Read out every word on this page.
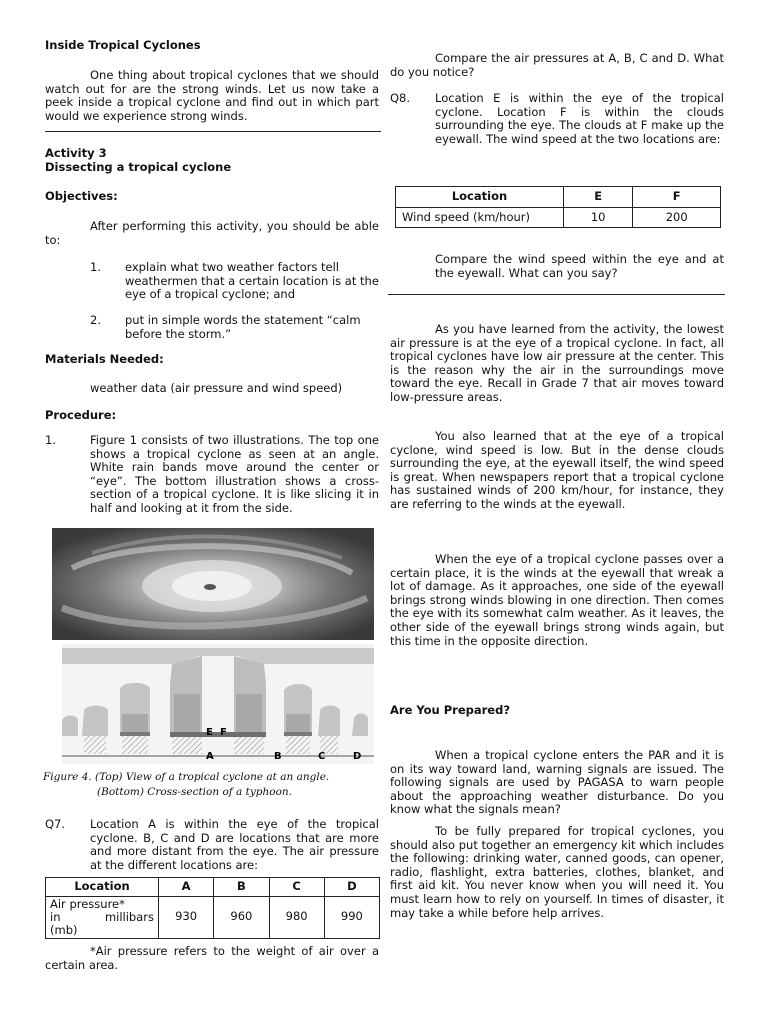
Inside Tropical Cyclones
One thing about tropical cyclones that we should watch out for are the strong winds. Let us now take a peek inside a tropical cyclone and find out in which part would we experience strong winds.
Activity 3
Dissecting a tropical cyclone
Objectives:
After performing this activity, you should be able to:
1. explain what two weather factors tell weathermen that a certain location is at the eye of a tropical cyclone; and
2. put in simple words the statement “calm before the storm.”
Materials Needed:
weather data (air pressure and wind speed)
Procedure:
1.	Figure 1 consists of two illustrations. The top one shows a tropical cyclone as seen at an angle. White rain bands move around the center or “eye”. The bottom illustration shows a cross-section of a tropical cyclone. It is like slicing it in half and looking at it from the side.
E F
A	B	C	D
Figure 4. (Top) View of a tropical cyclone at an angle.
(Bottom) Cross-section of a typhoon.
Q7. Location A is within the eye of the tropical cyclone. B, C and D are locations that are more and more distant from the eye. The air pressure at the different locations are:
Location	A	B	C	D

Air pressure*
in millibars
(mb)	930	960	980	990
*Air pressure refers to the weight of air over a certain area.
Compare the air pressures at A, B, C and D. What do you notice?
Q8. Location E is within the eye of the tropical cyclone. Location F is within the clouds surrounding the eye. The clouds at F make up the eyewall. The wind speed at the two locations are:
Location	E	F
Wind speed (km/hour)	10	200
Compare the wind speed within the eye and at the eyewall. What can you say?
As you have learned from the activity, the lowest air pressure is at the eye of a tropical cyclone. In fact, all tropical cyclones have low air pressure at the center. This is the reason why the air in the surroundings move toward the eye. Recall in Grade 7 that air moves toward low-pressure areas.
You also learned that at the eye of a tropical cyclone, wind speed is low. But in the dense clouds surrounding the eye, at the eyewall itself, the wind speed is great. When newspapers report that a tropical cyclone has sustained winds of 200 km/hour, for instance, they are referring to the winds at the eyewall.
When the eye of a tropical cyclone passes over a certain place, it is the winds at the eyewall that wreak a lot of damage. As it approaches, one side of the eyewall brings strong winds blowing in one direction. Then comes the eye with its somewhat calm weather. As it leaves, the other side of the eyewall brings strong winds again, but this time in the opposite direction.
Are You Prepared?
When a tropical cyclone enters the PAR and it is on its way toward land, warning signals are issued. The following signals are used by PAGASA to warn people about the approaching weather disturbance. Do you know what the signals mean?
To be fully prepared for tropical cyclones, you should also put together an emergency kit which includes the following: drinking water, canned goods, can opener, radio, flashlight, extra batteries, clothes, blanket, and first aid kit. You never know when you will need it. You must learn how to rely on yourself. In times of disaster, it may take a while before help arrives.
